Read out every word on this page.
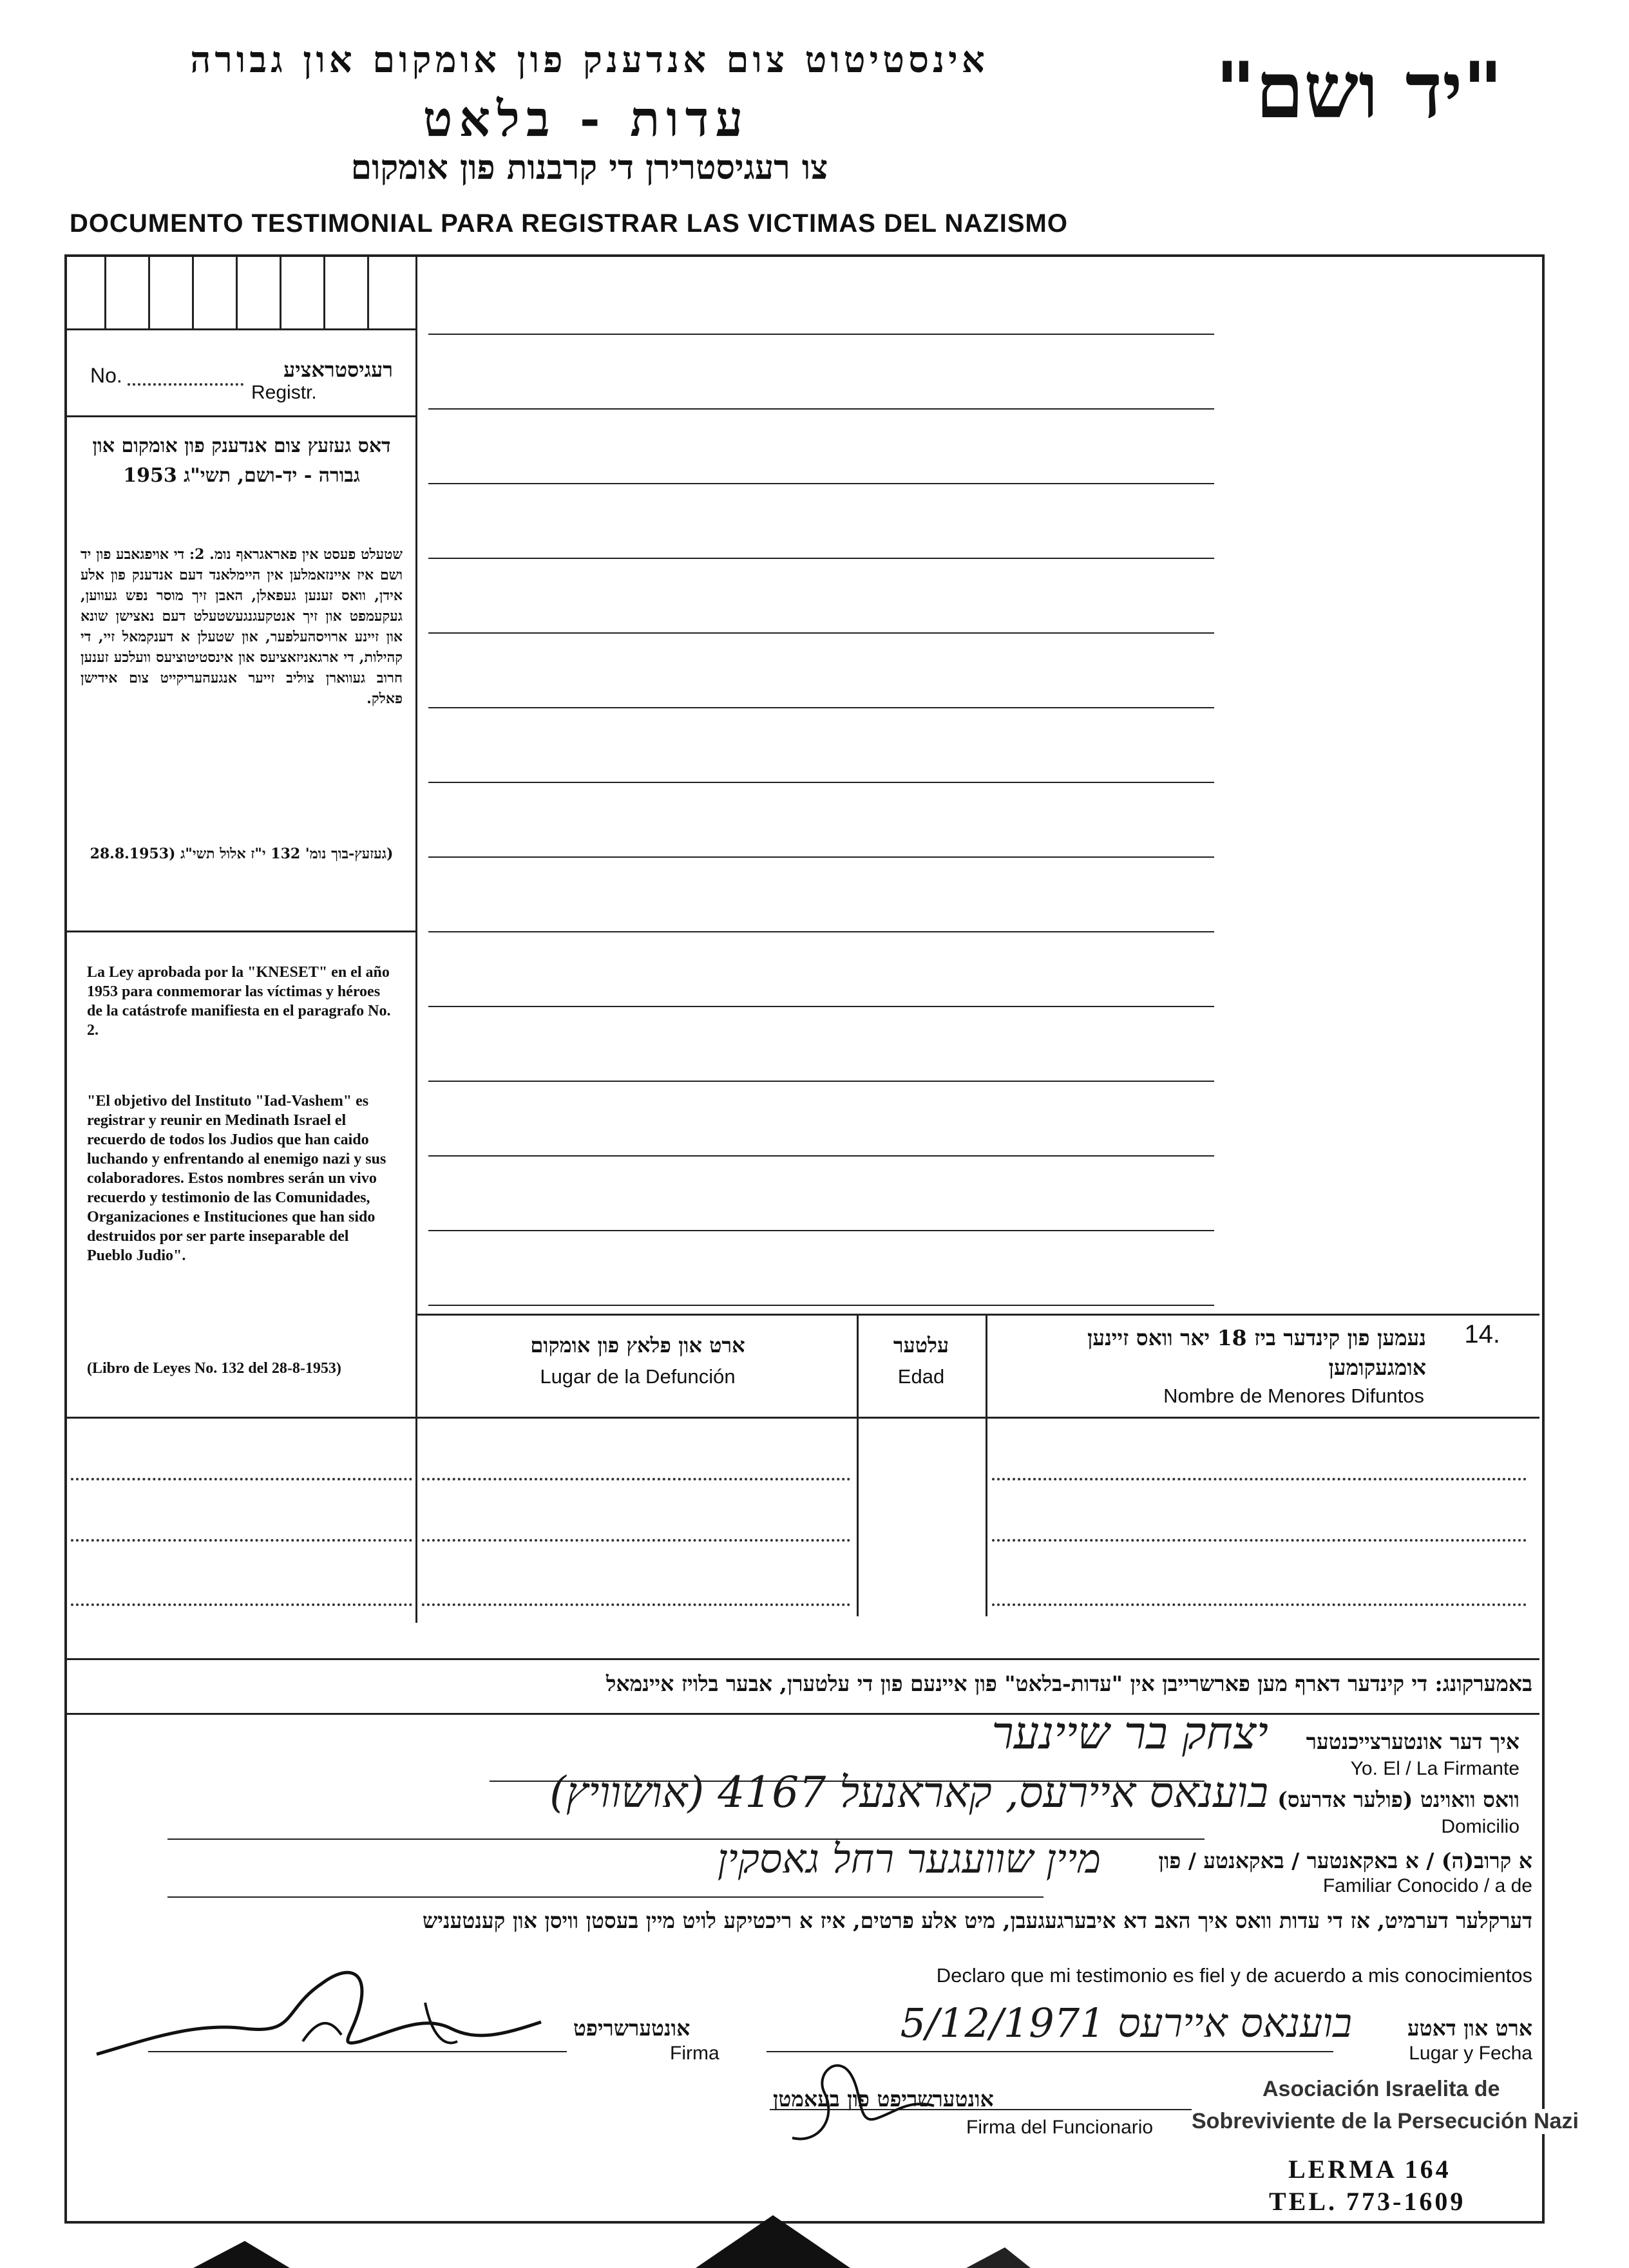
אינסטיטוט צום אנדענק פון אומקום און גבורה
עדות - בלאט
צו רעגיסטרירן די קרבנות פון אומקום
"יד ושם"
DOCUMENTO TESTIMONIAL PARA REGISTRAR LAS VICTIMAS DEL NAZISMO
No.	רעגיסטראציע
Registr.
דאס געזעץ צום אנדענק פון אומקום און גבורה - יד-ושם, תשי"ג 1953
שטעלט פעסט אין פאראגראף נומ. 2: די אויפגאבע פון יד ושם איז איינזאמלען אין היימלאנד דעם אנדענק פון אלע אידן, וואס זענען געפאלן, האבן זיך מוסר נפש געווען, געקעמפט און זיך אנטקעגנגעשטעלט דעם נאצישן שונא און זיינע ארויסהעלפער, און שטעלן א דענקמאל זיי, די קהילות, די ארגאניזאציעס און אינסטיטוציעס וועלכע זענען חרוב געווארן צוליב זייער אנגעהעריקייט צום אידישן פאלק.
(געזעץ-בוך נומ' 132 י"ז אלול תשי"ג (28.8.1953
La Ley aprobada por la "KNESET" en el año 1953 para conmemorar las víctimas y héroes de la catástrofe manifiesta en el paragrafo No. 2.
"El objetivo del Instituto "Iad-Vashem" es registrar y reunir en Medinath Israel el recuerdo de todos los Judios que han caido luchando y enfrentando al enemigo nazi y sus colaboradores. Estos nombres serán un vivo recuerdo y testimonio de las Comunidades, Organizaciones e Instituciones que han sido destruidos por ser parte inseparable del Pueblo Judio".
(Libro de Leyes No. 132 del 28-8-1953)
14.
נעמען פון קינדער ביז 18 יאר וואס זיינען אומגעקומען
Nombre de Menores Difuntos
עלטער
Edad
ארט און פלאץ פון אומקום
Lugar de la Defunción
באמערקונג: די קינדער דארף מען פארשרייבן אין "עדות-בלאט" פון איינעם פון די עלטערן, אבער בלויז איינמאל
איך דער אונטערצייכנטער
Yo. El / La Firmante
יצחק בר שיינער
וואס וואוינט (פולער אדרעס)
Domicilio
בוענאס איירעס, קאראנעל 4167 (אושוויץ)
א קרוב(ה) / א באקאנטער / באקאנטע / פון
Familiar Conocido / a de
מיין שוועגער רחל גאסקין
דערקלער דערמיט, אז די עדות וואס איך האב דא איבערגעגעבן, מיט אלע פרטים, איז א ריכטיקע לויט מיין בעסטן וויסן און קענטעניש
Declaro que mi testimonio es fiel y de acuerdo a mis conocimientos
ארט און דאטע
Lugar y Fecha
בוענאס איירעס 5/12/1971
אונטערשריפט
Firma
אונטערשריפט פון בעאמטן
Firma del Funcionario
Asociación Israelita de
Sobreviviente de la Persecución Nazi
LERMA 164
TEL. 773-1609
